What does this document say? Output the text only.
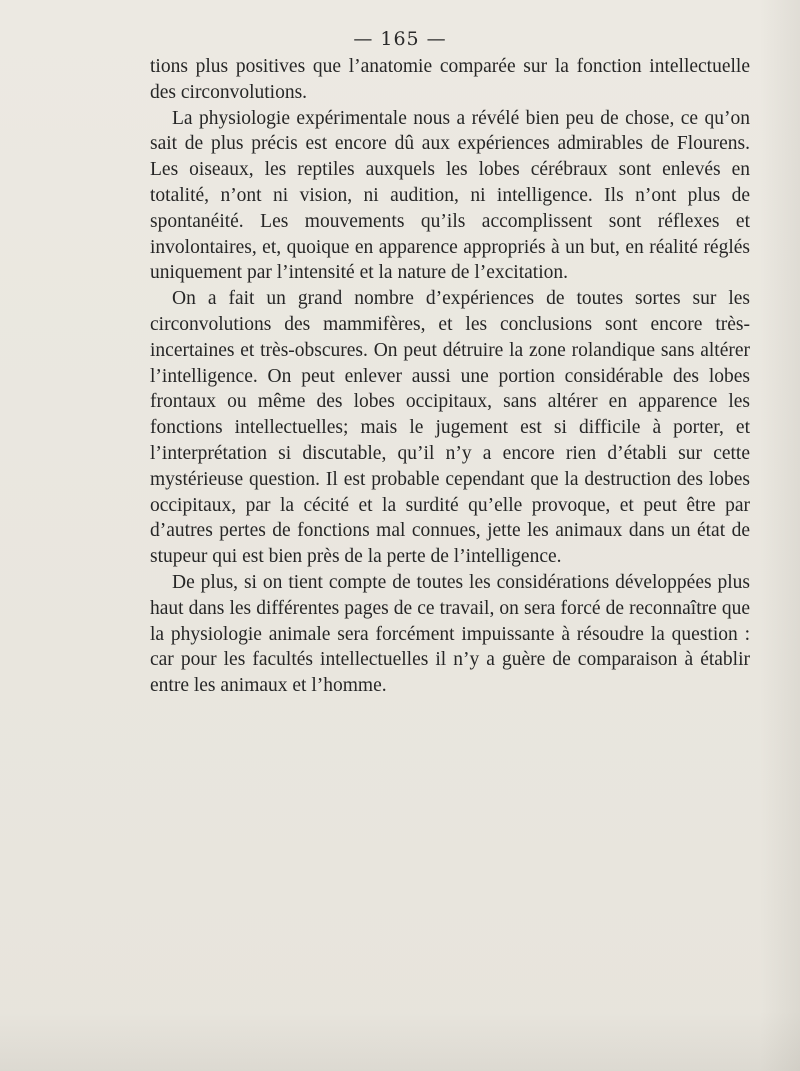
— 165 —

tions plus positives que l’anatomie comparée sur la fonction intellectuelle des circonvolutions.

La physiologie expérimentale nous a révélé bien peu de chose, ce qu’on sait de plus précis est encore dû aux expériences admirables de Flourens. Les oiseaux, les reptiles auxquels les lobes cérébraux sont enlevés en totalité, n’ont ni vision, ni audition, ni intelligence. Ils n’ont plus de spontanéité. Les mouvements qu’ils accomplissent sont réflexes et involontaires, et, quoique en apparence appropriés à un but, en réalité réglés uniquement par l’intensité et la nature de l’excitation.

On a fait un grand nombre d’expériences de toutes sortes sur les circonvolutions des mammifères, et les conclusions sont encore très-incertaines et très-obscures. On peut détruire la zone rolandique sans altérer l’intelligence. On peut enlever aussi une portion considérable des lobes frontaux ou même des lobes occipitaux, sans altérer en apparence les fonctions intellectuelles; mais le jugement est si difficile à porter, et l’interprétation si discutable, qu’il n’y a encore rien d’établi sur cette mystérieuse question. Il est probable cependant que la destruction des lobes occipitaux, par la cécité et la surdité qu’elle provoque, et peut être par d’autres pertes de fonctions mal connues, jette les animaux dans un état de stupeur qui est bien près de la perte de l’intelligence.

De plus, si on tient compte de toutes les considérations développées plus haut dans les différentes pages de ce travail, on sera forcé de reconnaître que la physiologie animale sera forcément impuissante à résoudre la question : car pour les facultés intellectuelles il n’y a guère de comparaison à établir entre les animaux et l’homme.
